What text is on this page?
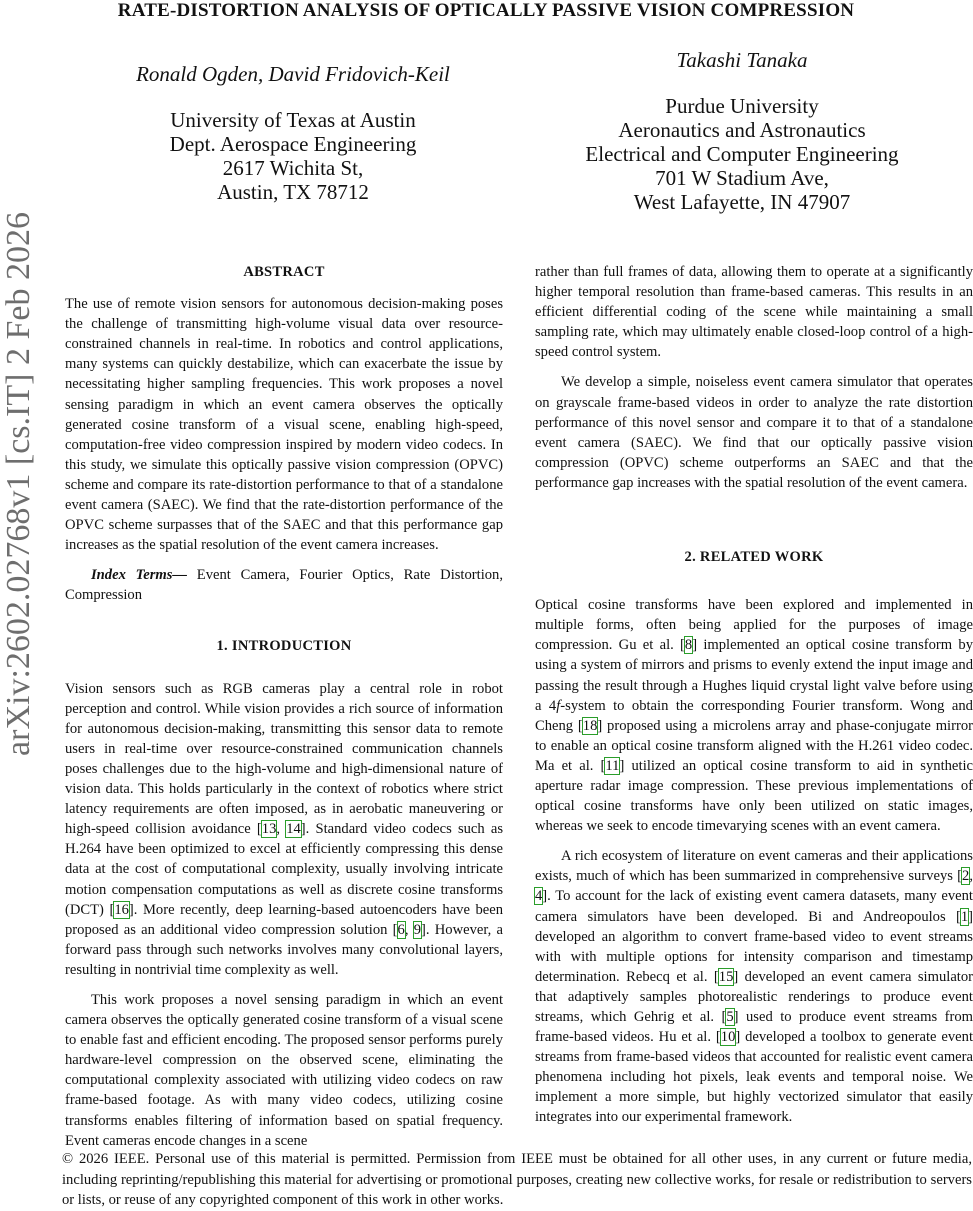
RATE-DISTORTION ANALYSIS OF OPTICALLY PASSIVE VISION COMPRESSION
Ronald Ogden, David Fridovich-Keil
University of Texas at Austin
Dept. Aerospace Engineering
2617 Wichita St,
Austin, TX 78712
Takashi Tanaka
Purdue University
Aeronautics and Astronautics
Electrical and Computer Engineering
701 W Stadium Ave,
West Lafayette, IN 47907
arXiv:2602.02768v1 [cs.IT] 2 Feb 2026	ABSTRACT

The use of remote vision sensors for autonomous decision-making poses the challenge of transmitting high-volume visual data over resource-constrained channels in real-time. In robotics and control applications, many systems can quickly destabilize, which can exacerbate the issue by necessitating higher sampling frequencies. This work proposes a novel sensing paradigm in which an event camera observes the optically generated cosine transform of a visual scene, enabling high-speed, computation-free video compression inspired by modern video codecs. In this study, we simulate this optically passive vision compression (OPVC) scheme and compare its rate-distortion performance to that of a standalone event camera (SAEC). We find that the rate-distortion performance of the OPVC scheme surpasses that of the SAEC and that this performance gap increases as the spatial resolution of the event camera increases.

Index Terms— Event Camera, Fourier Optics, Rate Distortion, Compression

1. INTRODUCTION

Vision sensors such as RGB cameras play a central role in robot perception and control. While vision provides a rich source of information for autonomous decision-making, transmitting this sensor data to remote users in real-time over resource-constrained communication channels poses challenges due to the high-volume and high-dimensional nature of vision data. This holds particularly in the context of robotics where strict latency requirements are often imposed, as in aerobatic maneuvering or high-speed collision avoidance [13, 14]. Standard video codecs such as H.264 have been optimized to excel at efficiently compressing this dense data at the cost of computational complexity, usually involving intricate motion compensation computations as well as discrete cosine transforms (DCT) [16]. More recently, deep learning-based autoencoders have been proposed as an additional video compression solution [6, 9]. However, a forward pass through such networks involves many convolutional layers, resulting in nontrivial time complexity as well.

This work proposes a novel sensing paradigm in which an event camera observes the optically generated cosine transform of a visual scene to enable fast and efficient encoding. The proposed sensor performs purely hardware-level compression on the observed scene, eliminating the computational complexity associated with utilizing video codecs on raw frame-based footage. As with many video codecs, utilizing cosine transforms enables filtering of information based on spatial frequency. Event cameras encode changes in a scene

rather than full frames of data, allowing them to operate at a significantly higher temporal resolution than frame-based cameras. This results in an efficient differential coding of the scene while maintaining a small sampling rate, which may ultimately enable closed-loop control of a high-speed control system.

We develop a simple, noiseless event camera simulator that operates on grayscale frame-based videos in order to analyze the rate distortion performance of this novel sensor and compare it to that of a standalone event camera (SAEC). We find that our optically passive vision compression (OPVC) scheme outperforms an SAEC and that the performance gap increases with the spatial resolution of the event camera.

2. RELATED WORK

Optical cosine transforms have been explored and implemented in multiple forms, often being applied for the purposes of image compression. Gu et al. [8] implemented an optical cosine transform by using a system of mirrors and prisms to evenly extend the input image and passing the result through a Hughes liquid crystal light valve before using a 4f-system to obtain the corresponding Fourier transform. Wong and Cheng [18] proposed using a microlens array and phase-conjugate mirror to enable an optical cosine transform aligned with the H.261 video codec. Ma et al. [11] utilized an optical cosine transform to aid in synthetic aperture radar image compression. These previous implementations of optical cosine transforms have only been utilized on static images, whereas we seek to encode timevarying scenes with an event camera.

A rich ecosystem of literature on event cameras and their applications exists, much of which has been summarized in comprehensive surveys [2, 4]. To account for the lack of existing event camera datasets, many event camera simulators have been developed. Bi and Andreopoulos [1] developed an algorithm to convert frame-based video to event streams with with multiple options for intensity comparison and timestamp determination. Rebecq et al. [15] developed an event camera simulator that adaptively samples photorealistic renderings to produce event streams, which Gehrig et al. [5] used to produce event streams from frame-based videos. Hu et al. [10] developed a toolbox to generate event streams from frame-based videos that accounted for realistic event camera phenomena including hot pixels, leak events and temporal noise. We implement a more simple, but highly vectorized simulator that easily integrates into our experimental framework.

© 2026 IEEE. Personal use of this material is permitted. Permission from IEEE must be obtained for all other uses, in any current or future media, including reprinting/republishing this material for advertising or promotional purposes, creating new collective works, for resale or redistribution to servers or lists, or reuse of any copyrighted component of this work in other works.
